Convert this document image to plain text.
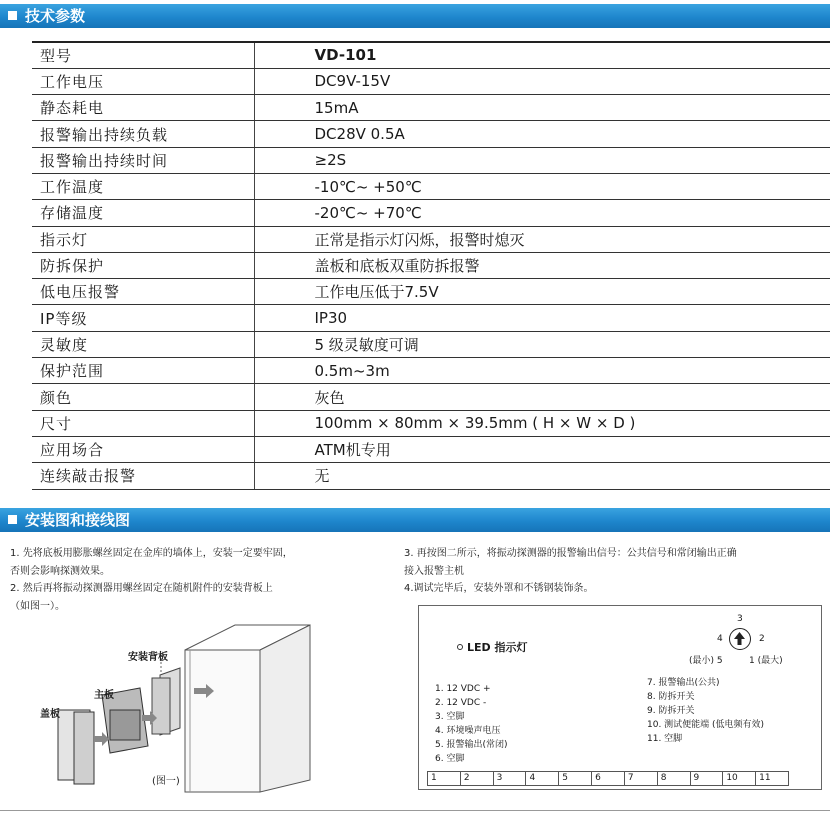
技术参数
型号	VD-101
工作电压	DC9V-15V
静态耗电	15mA
报警输出持续负载	DC28V 0.5A
报警输出持续时间	≥2S
工作温度	-10℃~ +50℃
存储温度	-20℃~ +70℃
指示灯	正常是指示灯闪烁，报警时熄灭
防拆保护	盖板和底板双重防拆报警
低电压报警	工作电压低于7.5V
IP等级	IP30
灵敏度	5 级灵敏度可调
保护范围	0.5m~3m
颜色	灰色
尺寸	100mm × 80mm × 39.5mm ( H × W × D )
应用场合	ATM机专用
连续敲击报警	无
安装图和接线图
1. 先将底板用膨胀螺丝固定在金库的墙体上，安装一定要牢固，
否则会影响探测效果。
2. 然后再将振动探测器用螺丝固定在随机附件的安装背板上
（如图一）。
3. 再按图二所示，将振动探测器的报警输出信号：公共信号和常闭输出正确
接入报警主机
4.调试完毕后，安装外罩和不锈钢装饰条。
安装背板
主板
盖板
(图一)
LED 指示灯
3
4	2
(最小) 5	1 (最大)
1. 12 VDC +
2. 12 VDC -
3. 空脚
4. 环境噪声电压
5. 报警输出(常闭)
6. 空脚
7. 报警输出(公共)
8. 防拆开关
9. 防拆开关
10. 测试便能端 (低电频有效)
11. 空脚
1	2	3	4	5	6	7	8	9	10	11
